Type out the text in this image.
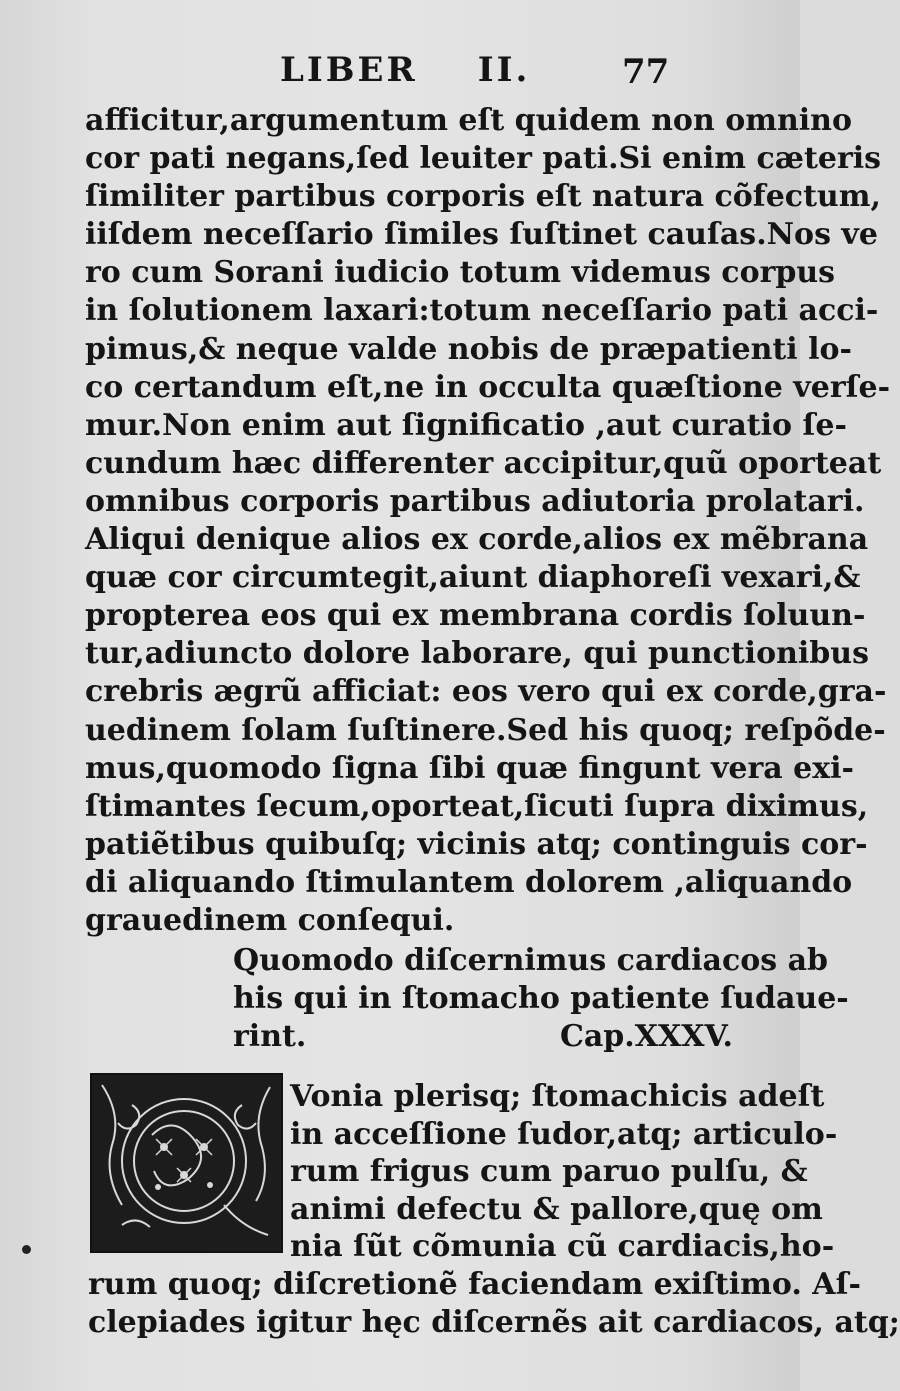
LIBER II.	77
afficitur,argumentum eſt quidem non omnino
cor pati negans,ſed leuiter pati.Si enim cæteris
ſimiliter partibus corporis eſt natura cõfectum,
iiſdem neceſſario ſimiles ſuſtinet cauſas.Nos ve
ro cum Sorani iudicio totum videmus corpus
in ſolutionem laxari:totum neceſſario pati acci-
pimus,& neque valde nobis de præpatienti lo-
co certandum eſt,ne in occulta quæſtione verſe-
mur.Non enim aut ſignificatio ,aut curatio ſe-
cundum hæc differenter accipitur,quũ oporteat
omnibus corporis partibus adiutoria prolatari.
Aliqui denique alios ex corde,alios ex mẽbrana
quæ cor circumtegit,aiunt diaphoreſi vexari,&
propterea eos qui ex membrana cordis ſoluun-
tur,adiuncto dolore laborare, qui punctionibus
crebris ægrũ afficiat: eos vero qui ex corde,gra-
uedinem ſolam ſuſtinere.Sed his quoq; reſpõde-
mus,quomodo ſigna ſibi quæ fingunt vera exi-
ſtimantes ſecum,oporteat,ſicuti ſupra diximus,
patiẽtibus quibuſq; vicinis atq; continguis cor-
di aliquando ſtimulantem dolorem ,aliquando
grauedinem conſequi.
Quomodo diſcernimus cardiacos ab
his qui in ſtomacho patiente ſudaue-
rint.	Cap.XXXV.
Vonia plerisq; ſtomachicis adeſt
in acceſſione ſudor,atq; articulo-
rum frigus cum paruo pulſu, &
animi defectu & pallore,quę om
nia ſũt cõmunia cũ cardiacis,ho-
rum quoq; diſcretionẽ faciendam exiſtimo. Aſ-
clepiades igitur hęc diſcernẽs ait cardiacos, atq;
